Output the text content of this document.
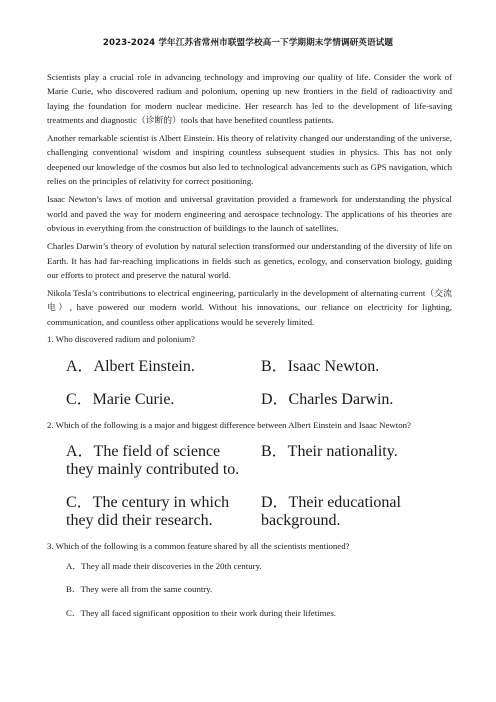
2023-2024 学年江苏省常州市联盟学校高一下学期期末学情调研英语试题

Scientists play a crucial role in advancing technology and improving our quality of life. Consider the work of Marie Curie, who discovered radium and polonium, opening up new frontiers in the field of radioactivity and laying the foundation for modern nuclear medicine. Her research has led to the development of life-saving treatments and diagnostic（诊断的）tools that have benefited countless patients.

Another remarkable scientist is Albert Einstein. His theory of relativity changed our understanding of the universe, challenging conventional wisdom and inspiring countless subsequent studies in physics. This has not only deepened our knowledge of the cosmos but also led to technological advancements such as GPS navigation, which relies on the principles of relativity for correct positioning.

Isaac Newton’s laws of motion and universal gravitation provided a framework for understanding the physical world and paved the way for modern engineering and aerospace technology. The applications of his theories are obvious in everything from the construction of buildings to the launch of satellites.

Charles Darwin’s theory of evolution by natural selection transformed our understanding of the diversity of life on Earth. It has had far-reaching implications in fields such as genetics, ecology, and conservation biology, guiding our efforts to protect and preserve the natural world.

Nikola Tesla’s contributions to electrical engineering, particularly in the development of alternating current（交流电）, have powered our modern world. Without his innovations, our reliance on electricity for lighting, communication, and countless other applications would be severely limited.

1. Who discovered radium and polonium?
A．Albert Einstein.	B．Isaac Newton.
C．Marie Curie.	D．Charles Darwin.
2. Which of the following is a major and biggest difference between Albert Einstein and Isaac Newton?
A．The field of science they mainly contributed to.
B．Their nationality.
C．The century in which they did their research.
D．Their educational background.
3. Which of the following is a common feature shared by all the scientists mentioned?
A．They all made their discoveries in the 20th century.
B．They were all from the same country.
C．They all faced significant opposition to their work during their lifetimes.
